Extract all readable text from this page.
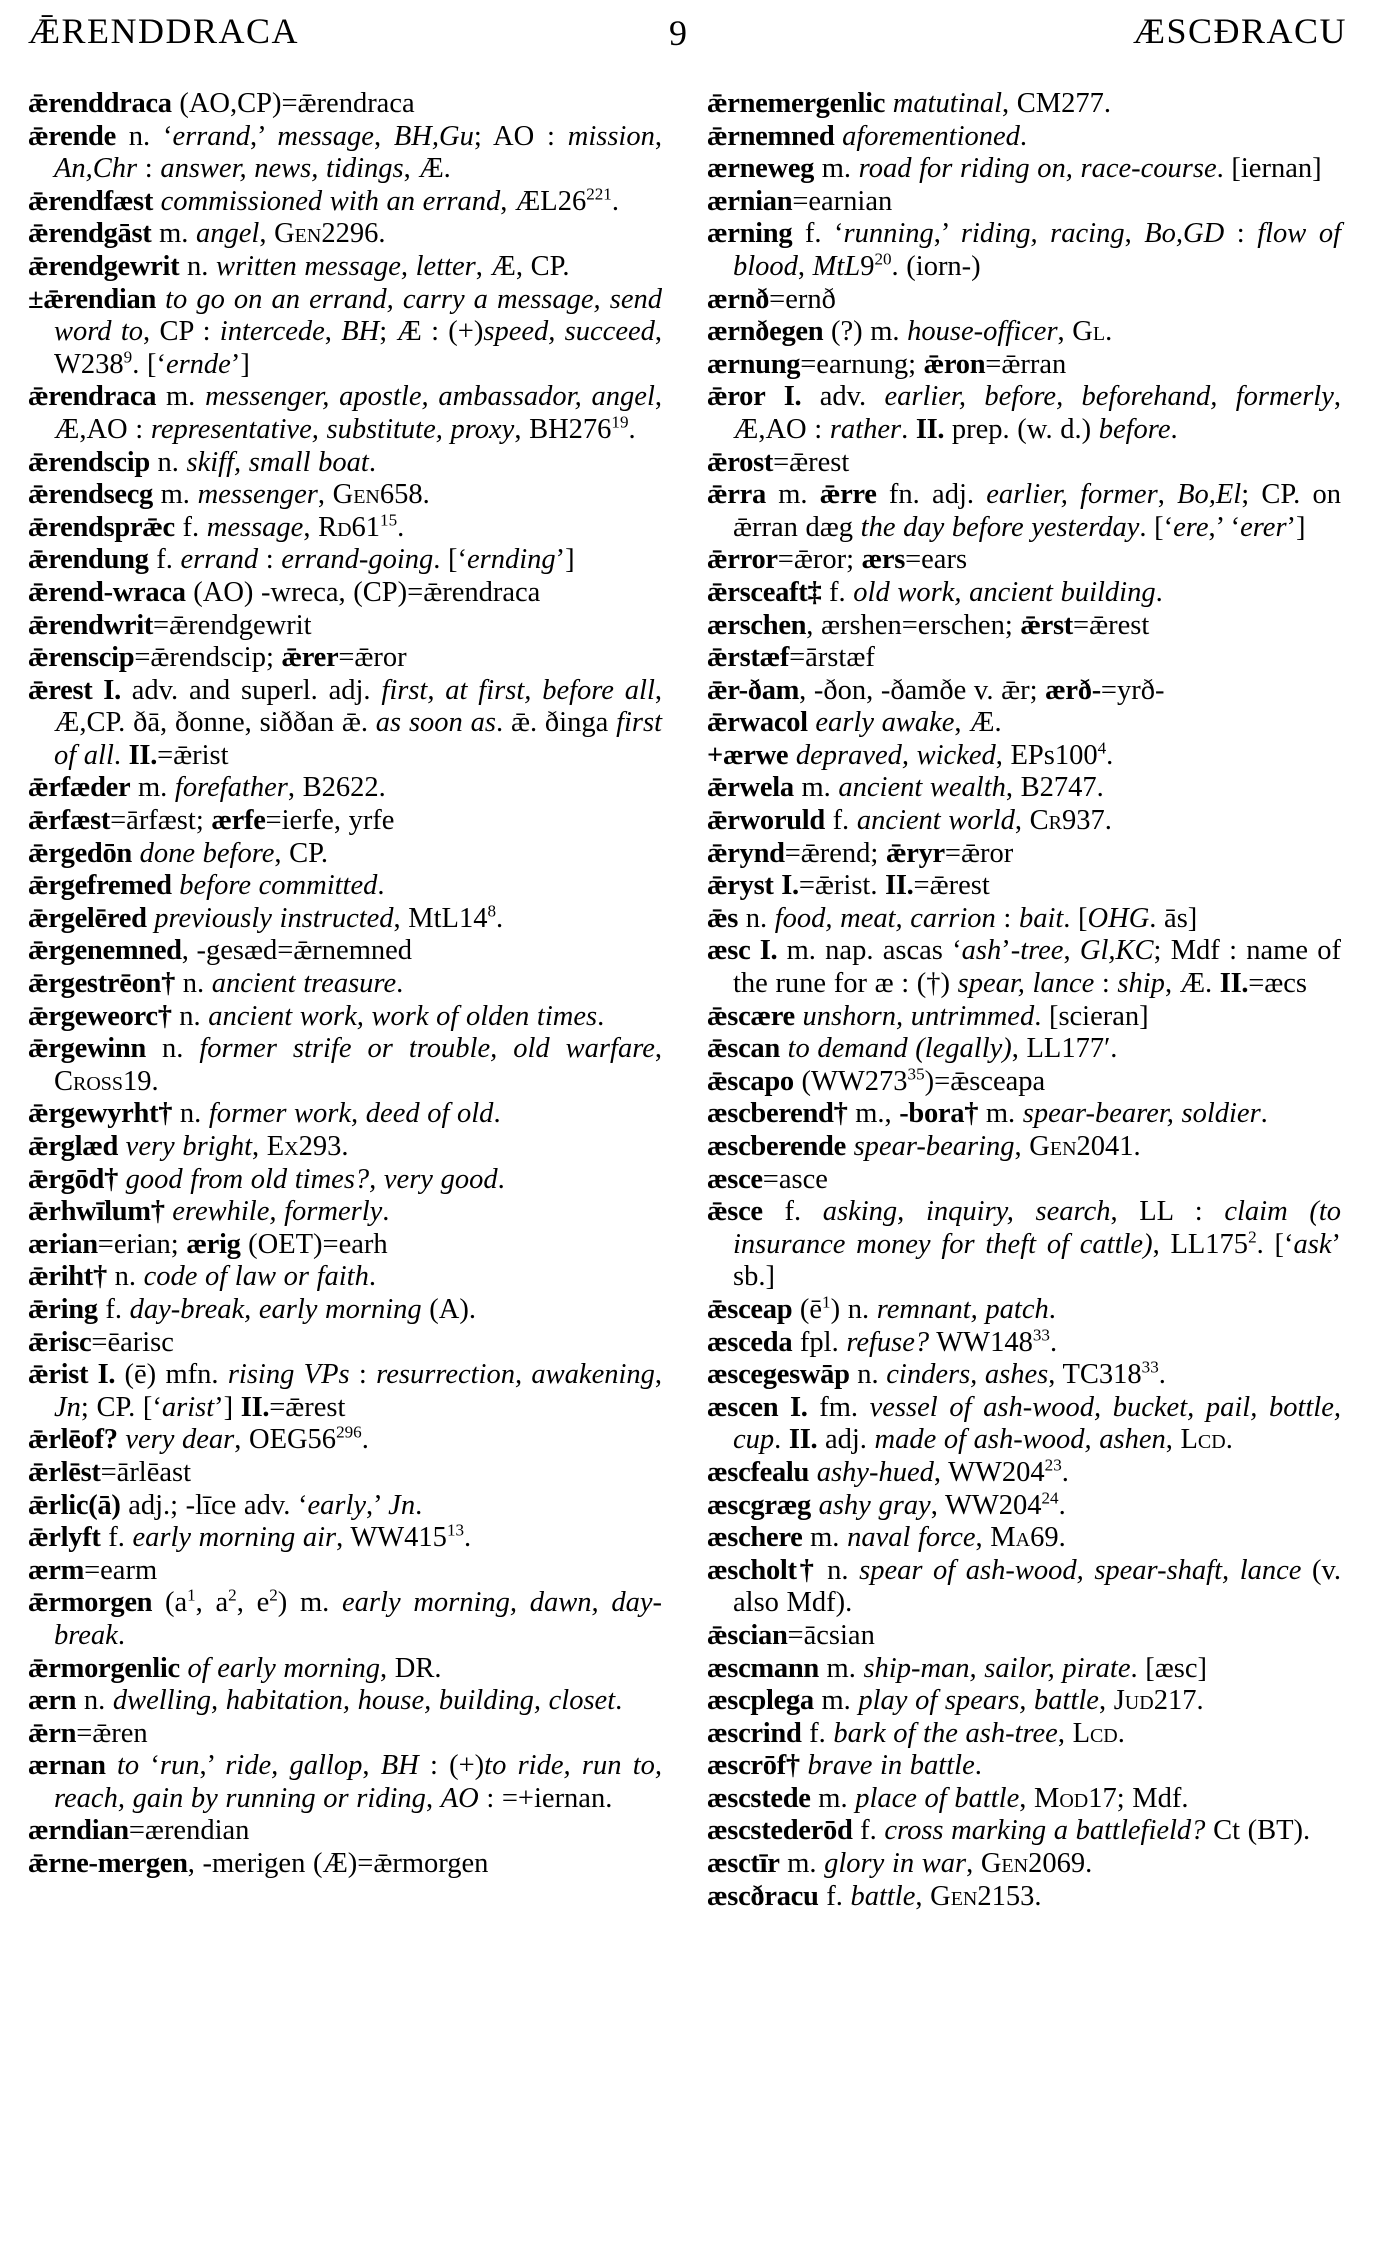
ǢRENDDRACA	9	ÆSCÐRACU

ǣrenddraca (AO,CP)=ǣrendraca

ǣrende n. ‘errand,’ message, BH,Gu; AO : mission, An,Chr : answer, news, tidings, Æ.

ǣrendfæst commissioned with an errand, $ÆL26^{221}$.

ǣrendgāst m. angel, Gen2296.

ǣrendgewrit n. written message, letter, Æ, CP.

±ǣrendian to go on an errand, carry a message, send word to, CP : intercede, BH; Æ : (+)speed, succeed, $W238^9$. [‘ernde’]

ǣrendraca m. messenger, apostle, ambassador, angel, Æ,AO : representative, substitute, proxy, $BH276^{19}$.

ǣrendscip n. skiff, small boat.

ǣrendsecg m. messenger, Gen658.

ǣrendsprǣc f. message, $Rd61^{15}$.

ǣrendung f. errand : errand-going. [‘ernding’]

ǣrend-wraca (AO) -wreca, (CP)=ǣrendraca

ǣrendwrit=ǣrendgewrit

ǣrenscip=ǣrendscip; ǣrer=ǣror

ǣrest I. adv. and superl. adj. first, at first, before all, Æ,CP. ðā, ðonne, siððan ǣ. as soon as. ǣ. ðinga first of all. II.=ǣrist

ǣrfæder m. forefather, B2622.

ǣrfæst=ārfæst; ærfe=ierfe, yrfe

ǣrgedōn done before, CP.

ǣrgefremed before committed.

ǣrgelēred previously instructed, $MtL14^8$.

ǣrgenemned, -gesæd=ǣrnemned

ǣrgestrēon† n. ancient treasure.

ǣrgeweorc† n. ancient work, work of olden times.

ǣrgewinn n. former strife or trouble, old warfare, Cross19.

ǣrgewyrht† n. former work, deed of old.

ǣrglæd very bright, Ex293.

ǣrgōd† good from old times?, very good.

ǣrhwīlum† erewhile, formerly.

ærian=erian; ærig (OET)=earh

ǣriht† n. code of law or faith.

ǣring f. day-break, early morning (A).

ǣrisc=ēarisc

ǣrist I. (ē) mfn. rising VPs : resurrection, awakening, Jn; CP. [‘arist’] II.=ǣrest

ǣrlēof? very dear, $OEG56^{296}$.

ǣrlēst=ārlēast

ǣrlic(ā) adj.; -līce adv. ‘early,’ Jn.

ǣrlyft f. early morning air, $WW415^{13}$.

ærm=earm

ǣrmorgen ($a^1$, $a^2$, $e^2$) m. early morning, dawn, day-break.

ǣrmorgenlic of early morning, DR.

ærn n. dwelling, habitation, house, building, closet.

ǣrn=ǣren

ærnan to ‘run,’ ride, gallop, BH : (+)to ride, run to, reach, gain by running or riding, AO : =+iernan.

ærndian=ærendian

ǣrne-mergen, -merigen (Æ)=ǣrmorgen

ǣrnemergenlic matutinal, CM277.

ǣrnemned aforementioned.

ærneweg m. road for riding on, race-course. [iernan]

ærnian=earnian

ærning f. ‘running,’ riding, racing, Bo,GD : flow of blood, $MtL9^{20}$. (iorn-)

ærnð=ernð

ærnðegen (?) m. house-officer, Gl.

ærnung=earnung; ǣron=ǣrran

ǣror I. adv. earlier, before, beforehand, formerly, Æ,AO : rather. II. prep. (w. d.) before.

ǣrost=ǣrest

ǣrra m. ǣrre fn. adj. earlier, former, Bo,El; CP. on ǣrran dæg the day before yesterday. [‘ere,’ ‘erer’]

ǣrror=ǣror; ærs=ears

ǣrsceaft‡ f. old work, ancient building.

ærschen, ærshen=erschen; ǣrst=ǣrest

ǣrstæf=ārstæf

ǣr-ðam, -ðon, -ðamðe v. ǣr; ærð-=yrð-

ǣrwacol early awake, Æ.

+ærwe depraved, wicked, $EPs100^4$.

ǣrwela m. ancient wealth, B2747.

ǣrworuld f. ancient world, Cr937.

ǣrynd=ǣrend; ǣryr=ǣror

ǣryst I.=ǣrist. II.=ǣrest

ǣs n. food, meat, carrion : bait. [OHG. ās]

æsc I. m. nap. ascas ‘ash’-tree, Gl,KC; Mdf : name of the rune for æ : (†) spear, lance : ship, Æ. II.=æcs

ǣscære unshorn, untrimmed. [scieran]

ǣscan to demand (legally), LL177′.

ǣscapo $(WW273^{35})=ǣsceapa$

æscberend† m., -bora† m. spear-bearer, soldier.

æscberende spear-bearing, Gen2041.

æsce=asce

ǣsce f. asking, inquiry, search, LL : claim (to insurance money for theft of cattle), $LL175^2$. [‘ask’ sb.]

ǣsceap $(ē^1)$ n. remnant, patch.

æsceda fpl. refuse? $WW148^{33}$.

æscegeswāp n. cinders, ashes, $TC318^{33}$.

æscen I. fm. vessel of ash-wood, bucket, pail, bottle, cup. II. adj. made of ash-wood, ashen, Lcd.

æscfealu ashy-hued, $WW204^{23}$.

æscgræg ashy gray, $WW204^{24}$.

æschere m. naval force, Ma69.

æscholt† n. spear of ash-wood, spear-shaft, lance (v. also Mdf).

ǣscian=ācsian

æscmann m. ship-man, sailor, pirate. [æsc]

æscplega m. play of spears, battle, Jud217.

æscrind f. bark of the ash-tree, Lcd.

æscrōf† brave in battle.

æscstede m. place of battle, Mod17; Mdf.

æscstederōd f. cross marking a battlefield? Ct (BT).

æsctīr m. glory in war, Gen2069.

æscðracu f. battle, Gen2153.
